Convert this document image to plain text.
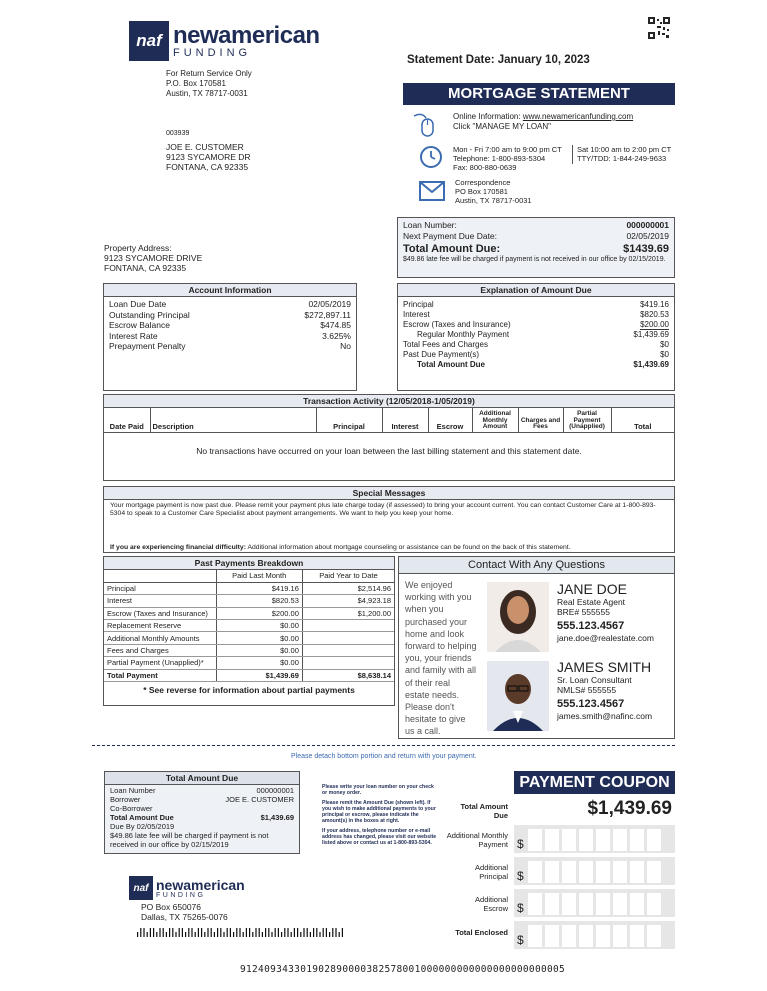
naf newamerican
FUNDING
For Return Service Only
P.O. Box 170581
Austin, TX 78717-0031
Statement Date: January 10, 2023
MORTGAGE STATEMENT
Online Information: www.newamericanfunding.com
Click "MANAGE MY LOAN"
Mon - Fri 7:00 am to 9:00 pm CT
Telephone: 1-800-893-5304
Fax: 800-880-0639
Sat 10:00 am to 2:00 pm CT
TTY/TDD: 1-844-249-9633
Correspondence
PO Box 170581
Austin, TX 78717-0031
003939
JOE E. CUSTOMER
9123 SYCAMORE DR
FONTANA, CA 92335
Loan Number:	000000001
Next Payment Due Date:	02/05/2019
Total Amount Due:	$1439.69
$49.86 late fee will be charged if payment is not received in our office by 02/15/2019.
Property Address:
9123 SYCAMORE DRIVE
FONTANA, CA 92335
Account Information
Loan Due Date	02/05/2019
Outstanding Principal	$272,897.11
Escrow Balance	$474.85
Interest Rate	3.625%
Prepayment Penalty	No
Explanation of Amount Due
Principal	$419.16
Interest	$820.53
Escrow (Taxes and Insurance)	$200.00
Regular Monthly Payment	$1,439.69
Total Fees and Charges	$0
Past Due Payment(s)	$0
Total Amount Due	$1,439.69
Transaction Activity (12/05/2018-1/05/2019)
Date Paid	Description	Principal	Interest	Escrow	Additional Monthly Amount	Charges and Fees	Partial Payment (Unapplied)	Total
No transactions have occurred on your loan between the last billing statement and this statement date.
Special Messages
Your mortgage payment is now past due. Please remit your payment plus late charge today (if assessed) to bring your account current. You can contact Customer Care at 1-800-893-5304 to speak to a Customer Care Specialist about payment arrangements. We want to help you keep your home.
If you are experiencing financial difficulty: Additional information about mortgage counseling or assistance can be found on the back of this statement.
Past Payments Breakdown
	Paid Last Month	Paid Year to Date
Principal	$419.16	$2,514.96
Interest	$820.53	$4,923.18
Escrow (Taxes and Insurance)	$200.00	$1,200.00
Replacement Reserve	$0.00	
Additional Monthly Amounts	$0.00	
Fees and Charges	$0.00	
Partial Payment (Unapplied)*	$0.00	
Total Payment	$1,439.69	$8,638.14
* See reverse for information about partial payments
Contact With Any Questions
We enjoyed working with you when you purchased your home and look forward to helping you, your friends and family with all of their real estate needs. Please don't hesitate to give us a call.
JANE DOE
Real Estate Agent
BRE# 555555
555.123.4567
jane.doe@realestate.com
JAMES SMITH
Sr. Loan Consultant
NMLS# 555555
555.123.4567
james.smith@nafinc.com
Please detach bottom portion and return with your payment.
Total Amount Due
Loan Number	000000001
Borrower	JOE E. CUSTOMER
Co-Borrower
Total Amount Due	$1,439.69
Due By 02/05/2019
$49.86 late fee will be charged if payment is not received in our office by 02/15/2019
Please write your loan number on your check or money order.
Please remit the Amount Due (shown left). If you wish to make additional payments to your principal or escrow, please indicate the amount(s) in the boxes at right.
If your address, telephone number or e-mail address has changed, please visit our website listed above or contact us at 1-800-893-5304.
PAYMENT COUPON
Total Amount Due	$1,439.69
Additional Monthly Payment $
Additional Principal $
Additional Escrow $
Total Enclosed
$
naf newamerican
FUNDING
PO Box 650076
Dallas, TX 75265-0076
912409343301902890000382578001000000000000000000000005
